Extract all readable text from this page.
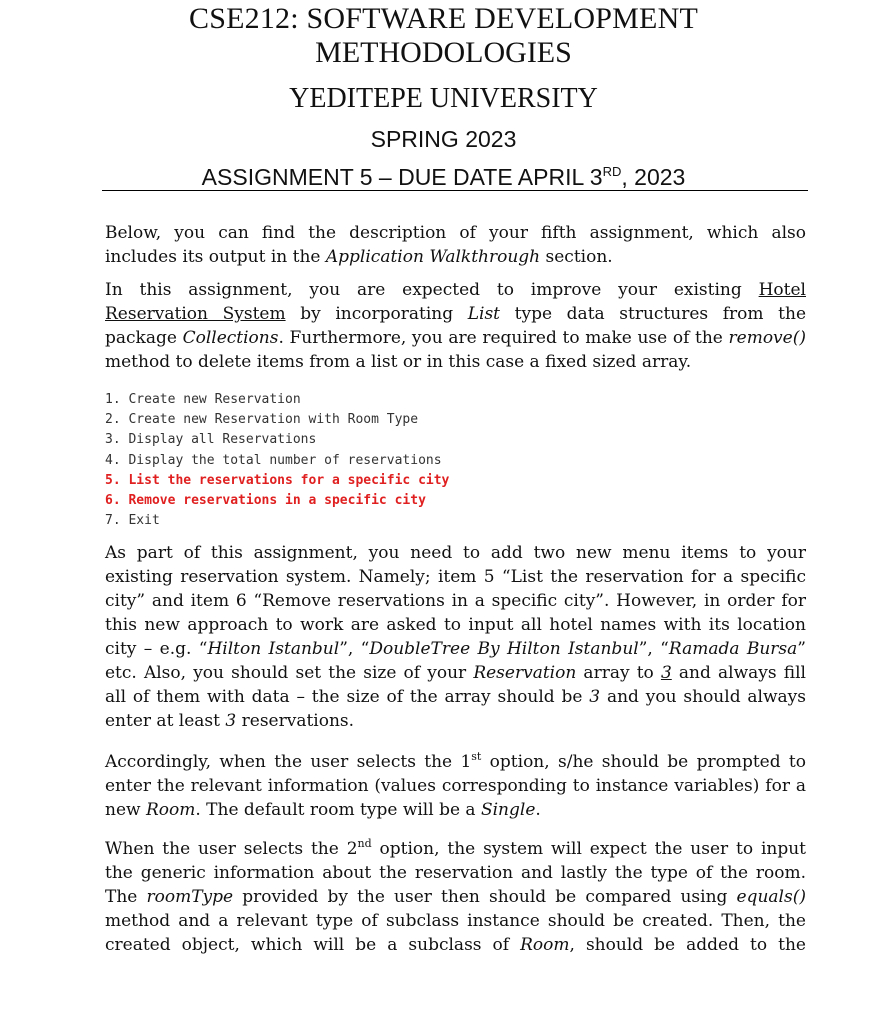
CSE212: SOFTWARE DEVELOPMENT
METHODOLOGIES
YEDITEPE UNIVERSITY
SPRING 2023
ASSIGNMENT 5 – DUE DATE APRIL 3RD, 2023
Below, you can find the description of your fifth assignment, which also
includes its output in the Application Walkthrough section.
In this assignment, you are expected to improve your existing Hotel
Reservation System by incorporating List type data structures from the
package Collections. Furthermore, you are required to make use of the remove()
method to delete items from a list or in this case a fixed sized array.
1. Create new Reservation
2. Create new Reservation with Room Type
3. Display all Reservations
4. Display the total number of reservations
5. List the reservations for a specific city
6. Remove reservations in a specific city
7. Exit
As part of this assignment, you need to add two new menu items to your
existing reservation system. Namely; item 5 “List the reservation for a specific
city” and item 6 “Remove reservations in a specific city”. However, in order for
this new approach to work are asked to input all hotel names with its location
city – e.g. “Hilton Istanbul”, “DoubleTree By Hilton Istanbul”, “Ramada Bursa”
etc. Also, you should set the size of your Reservation array to 3 and always fill
all of them with data – the size of the array should be 3 and you should always
enter at least 3 reservations.
Accordingly, when the user selects the 1st option, s/he should be prompted to
enter the relevant information (values corresponding to instance variables) for a
new Room. The default room type will be a Single.
When the user selects the 2nd option, the system will expect the user to input
the generic information about the reservation and lastly the type of the room.
The roomType provided by the user then should be compared using equals()
method and a relevant type of subclass instance should be created. Then, the
created object, which will be a subclass of Room, should be added to the
